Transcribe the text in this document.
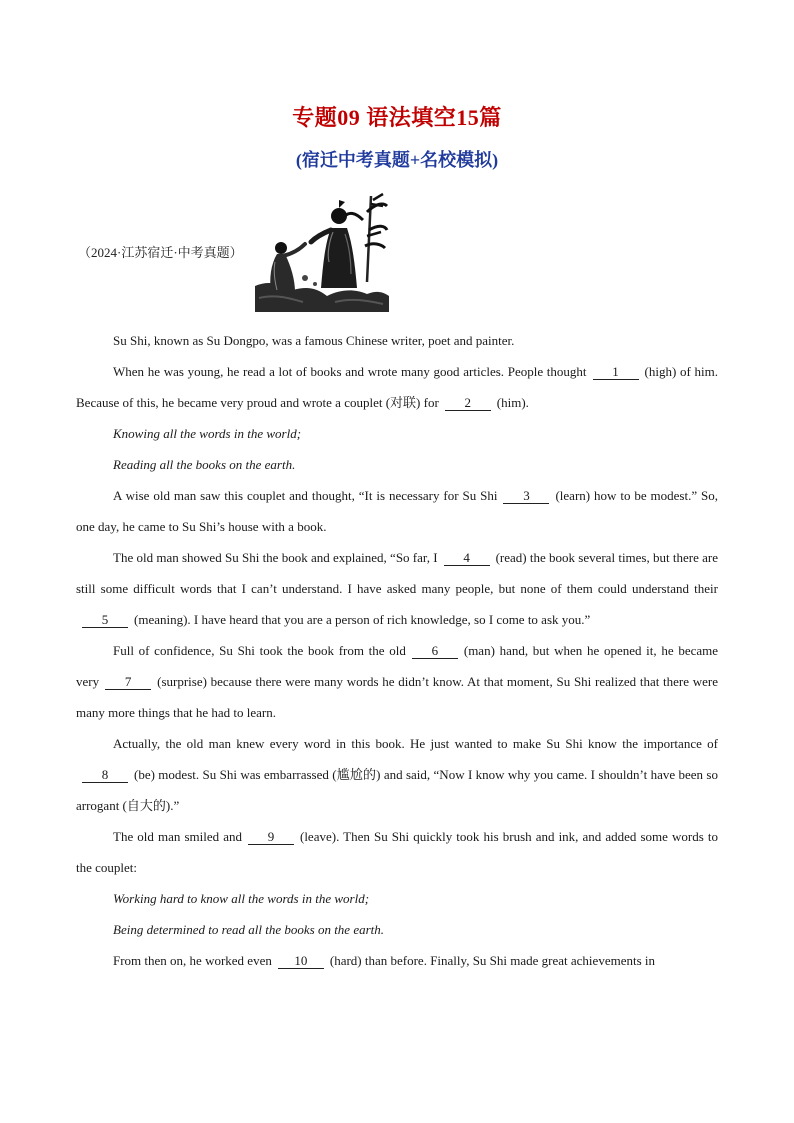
专题09 语法填空15篇
(宿迁中考真题+名校模拟)
（2024·江苏宿迁·中考真题）

Su Shi, known as Su Dongpo, was a famous Chinese writer, poet and painter.

When he was young, he read a lot of books and wrote many good articles. People thought 1 (high) of him. Because of this, he became very proud and wrote a couplet (对联) for 2 (him).

Knowing all the words in the world;

Reading all the books on the earth.

A wise old man saw this couplet and thought, “It is necessary for Su Shi 3 (learn) how to be modest.” So, one day, he came to Su Shi’s house with a book.

The old man showed Su Shi the book and explained, “So far, I 4 (read) the book several times, but there are still some difficult words that I can’t understand. I have asked many people, but none of them could understand their5 (meaning). I have heard that you are a person of rich knowledge, so I come to ask you.”

Full of confidence, Su Shi took the book from the old 6 (man) hand, but when he opened it, he became very 7 (surprise) because there were many words he didn’t know. At that moment, Su Shi realized that there were many more things that he had to learn.

Actually, the old man knew every word in this book. He just wanted to make Su Shi know the importance of8 (be) modest. Su Shi was embarrassed (尴尬的) and said, “Now I know why you came. I shouldn’t have been so arrogant (自大的).”

The old man smiled and 9 (leave). Then Su Shi quickly took his brush and ink, and added some words to the couplet:

Working hard to know all the words in the world;

Being determined to read all the books on the earth.

From then on, he worked even 10 (hard) than before. Finally, Su Shi made great achievements in
